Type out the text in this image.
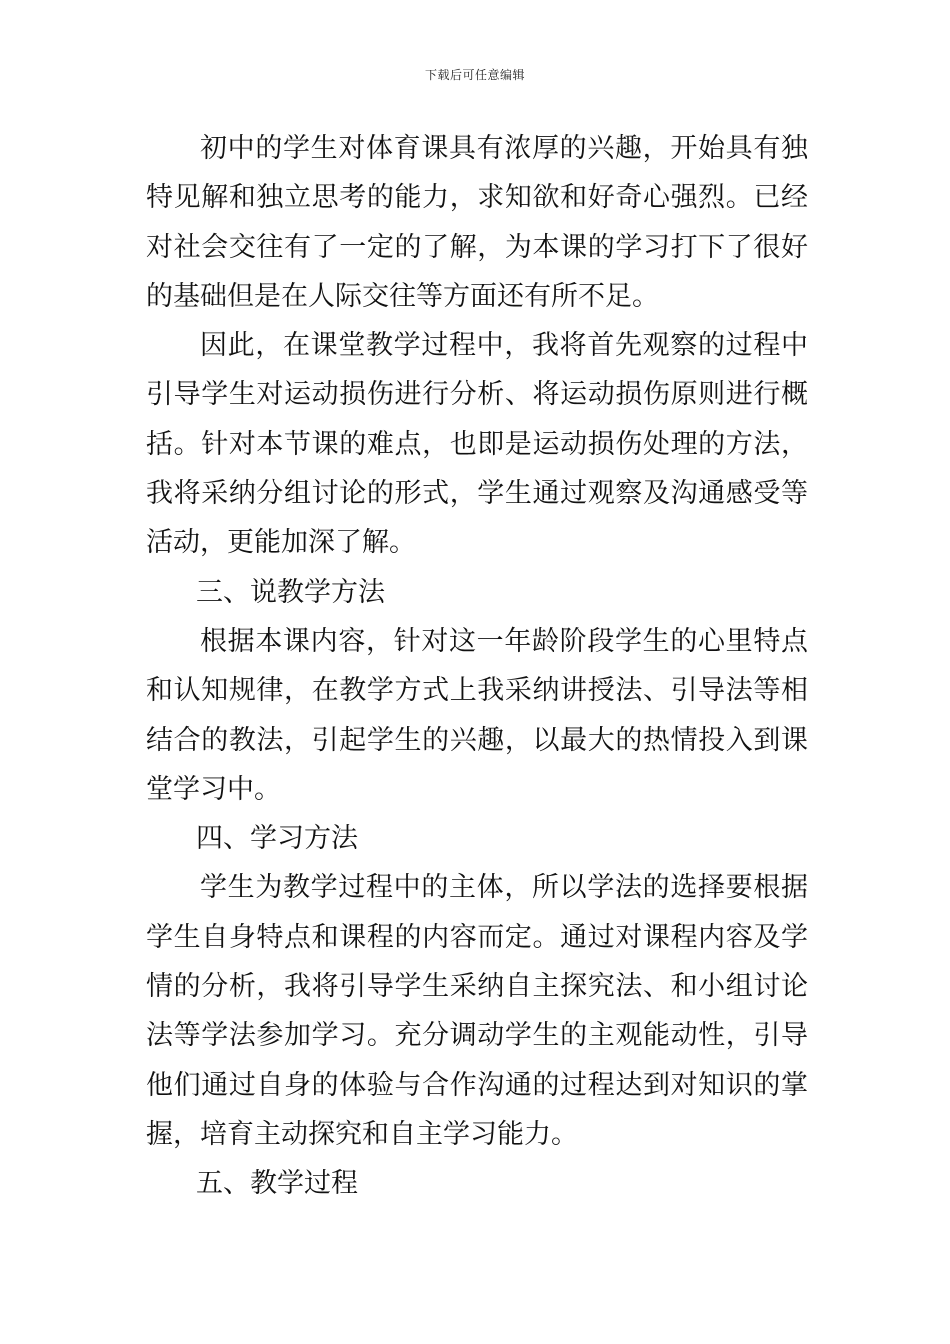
下载后可任意编辑

初中的学生对体育课具有浓厚的兴趣，开始具有独特见解和独立思考的能力，求知欲和好奇心强烈。已经对社会交往有了一定的了解，为本课的学习打下了很好的基础但是在人际交往等方面还有所不足。

因此，在课堂教学过程中，我将首先观察的过程中引导学生对运动损伤进行分析、将运动损伤原则进行概括。针对本节课的难点，也即是运动损伤处理的方法，我将采纳分组讨论的形式，学生通过观察及沟通感受等活动，更能加深了解。

三、说教学方法

根据本课内容，针对这一年龄阶段学生的心里特点和认知规律，在教学方式上我采纳讲授法、引导法等相结合的教法，引起学生的兴趣，以最大的热情投入到课堂学习中。

四、学习方法

学生为教学过程中的主体，所以学法的选择要根据学生自身特点和课程的内容而定。通过对课程内容及学情的分析，我将引导学生采纳自主探究法、和小组讨论法等学法参加学习。充分调动学生的主观能动性，引导他们通过自身的体验与合作沟通的过程达到对知识的掌握，培育主动探究和自主学习能力。

五、教学过程
